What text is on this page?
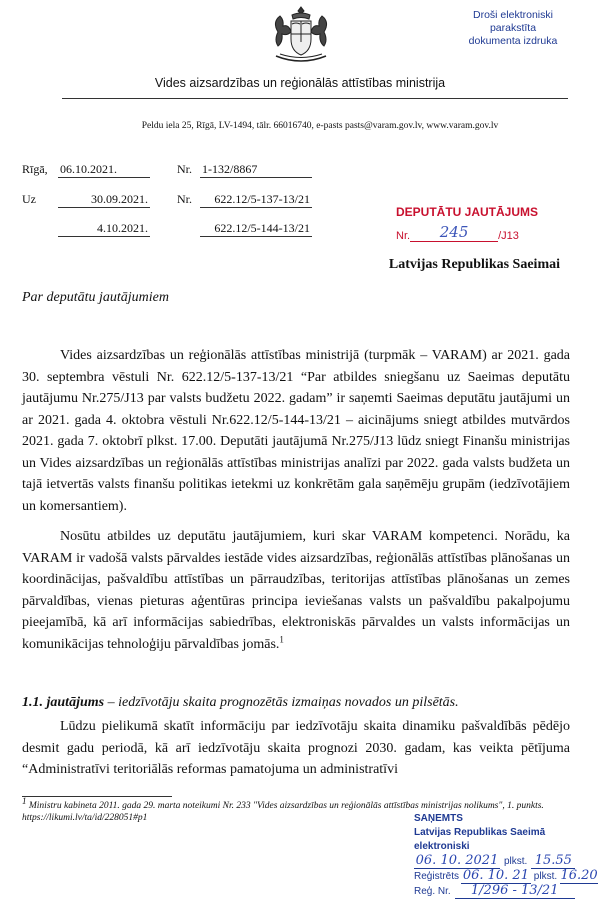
Vides aizsardzības un reģionālās attīstības ministrija
Peldu iela 25, Rīgā, LV-1494, tālr. 66016740, e-pasts pasts@varam.gov.lv, www.varam.gov.lv
Droši elektroniski parakstīta
dokumenta izdruka
Rīgā, 06.10.2021.	Nr. 1-132/8867
Uz	30.09.2021. Nr.	622.12/5-137-13/21
4.10.2021.	622.12/5-144-13/21
DEPUTĀTU JAUTĀJUMS
Nr.	245	/J13
Latvijas Republikas Saeimai
Par deputātu jautājumiem

Vides aizsardzības un reģionālās attīstības ministrijā (turpmāk – VARAM) ar 2021. gada 30. septembra vēstuli Nr. 622.12/5-137-13/21 “Par atbildes sniegšanu uz Saeimas deputātu jautājumu Nr.275/J13 par valsts budžetu 2022. gadam” ir saņemti Saeimas deputātu jautājumi un ar 2021. gada 4. oktobra vēstuli Nr.622.12/5-144-13/21 – aicinājums sniegt atbildes mutvārdos 2021. gada 7. oktobrī plkst. 17.00. Deputāti jautājumā Nr.275/J13 lūdz sniegt Finanšu ministrijas un Vides aizsardzības un reģionālās attīstības ministrijas analīzi par 2022. gada valsts budžeta un tajā ietvertās valsts finanšu politikas ietekmi uz konkrētām gala saņēmēju grupām (iedzīvotājiem un komersantiem).

Nosūtu atbildes uz deputātu jautājumiem, kuri skar VARAM kompetenci. Norādu, ka VARAM ir vadošā valsts pārvaldes iestāde vides aizsardzības, reģionālās attīstības plānošanas un koordinācijas, pašvaldību attīstības un pārraudzības, teritorijas attīstības plānošanas un zemes pārvaldības, vienas pieturas aģentūras principa ieviešanas valsts un pašvaldību pakalpojumu pieejamībā, kā arī informācijas sabiedrības, elektroniskās pārvaldes un valsts informācijas un komunikācijas tehnoloģiju pārvaldības jomās.$^1$

1.1. jautājums – iedzīvotāju skaita prognozētās izmaiņas novados un pilsētās.

Lūdzu pielikumā skatīt informāciju par iedzīvotāju skaita dinamiku pašvaldībās pēdējo desmit gadu periodā, kā arī iedzīvotāju skaita prognozi 2030. gadam, kas veikta pētījuma “Administratīvi teritoriālās reformas pamatojuma un administratīvi

$^1$ Ministru kabineta 2011. gada 29. marta noteikumi Nr. 233 "Vides aizsardzības un reģionālās attīstības ministrijas nolikums", 1. punkts. https://likumi.lv/ta/id/228051#p1	SAŅEMTS
Latvijas Republikas Saeimā elektroniski
06. 10. 2021 plkst. 15.55
Reģistrēts 06. 10. 21 plkst. 16.20
Reģ. Nr.	1/296 - 13/21
